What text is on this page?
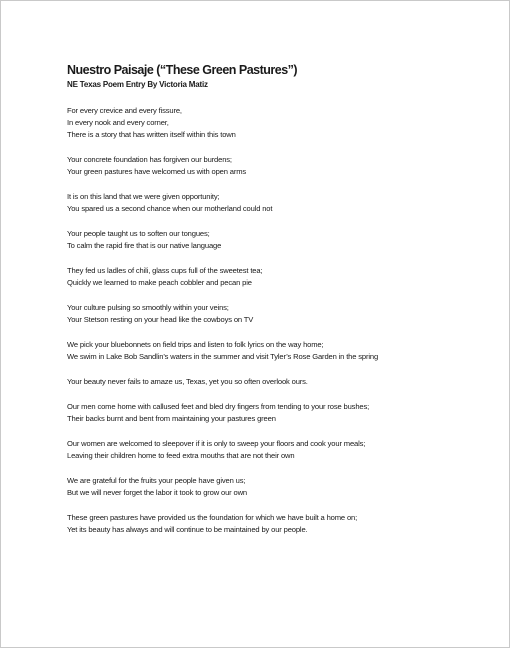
Nuestro Paisaje (“These Green Pastures”)
NE Texas Poem Entry By Victoria Matiz
For every crevice and every fissure,
In every nook and every corner,
There is a story that has written itself within this town
Your concrete foundation has forgiven our burdens;
Your green pastures have welcomed us with open arms
It is on this land that we were given opportunity;
You spared us a second chance when our motherland could not
Your people taught us to soften our tongues;
To calm the rapid fire that is our native language
They fed us ladles of chili, glass cups full of the sweetest tea;
Quickly we learned to make peach cobbler and pecan pie
Your culture pulsing so smoothly within your veins;
Your Stetson resting on your head like the cowboys on TV
We pick your bluebonnets on field trips and listen to folk lyrics on the way home;
We swim in Lake Bob Sandlin’s waters in the summer and visit Tyler’s Rose Garden in the spring
Your beauty never fails to amaze us, Texas, yet you so often overlook ours.
Our men come home with callused feet and bled dry fingers from tending to your rose bushes;
Their backs burnt and bent from maintaining your pastures green
Our women are welcomed to sleepover if it is only to sweep your floors and cook your meals;
Leaving their children home to feed extra mouths that are not their own
We are grateful for the fruits your people have given us;
But we will never forget the labor it took to grow our own
These green pastures have provided us the foundation for which we have built a home on;
Yet its beauty has always and will continue to be maintained by our people.
